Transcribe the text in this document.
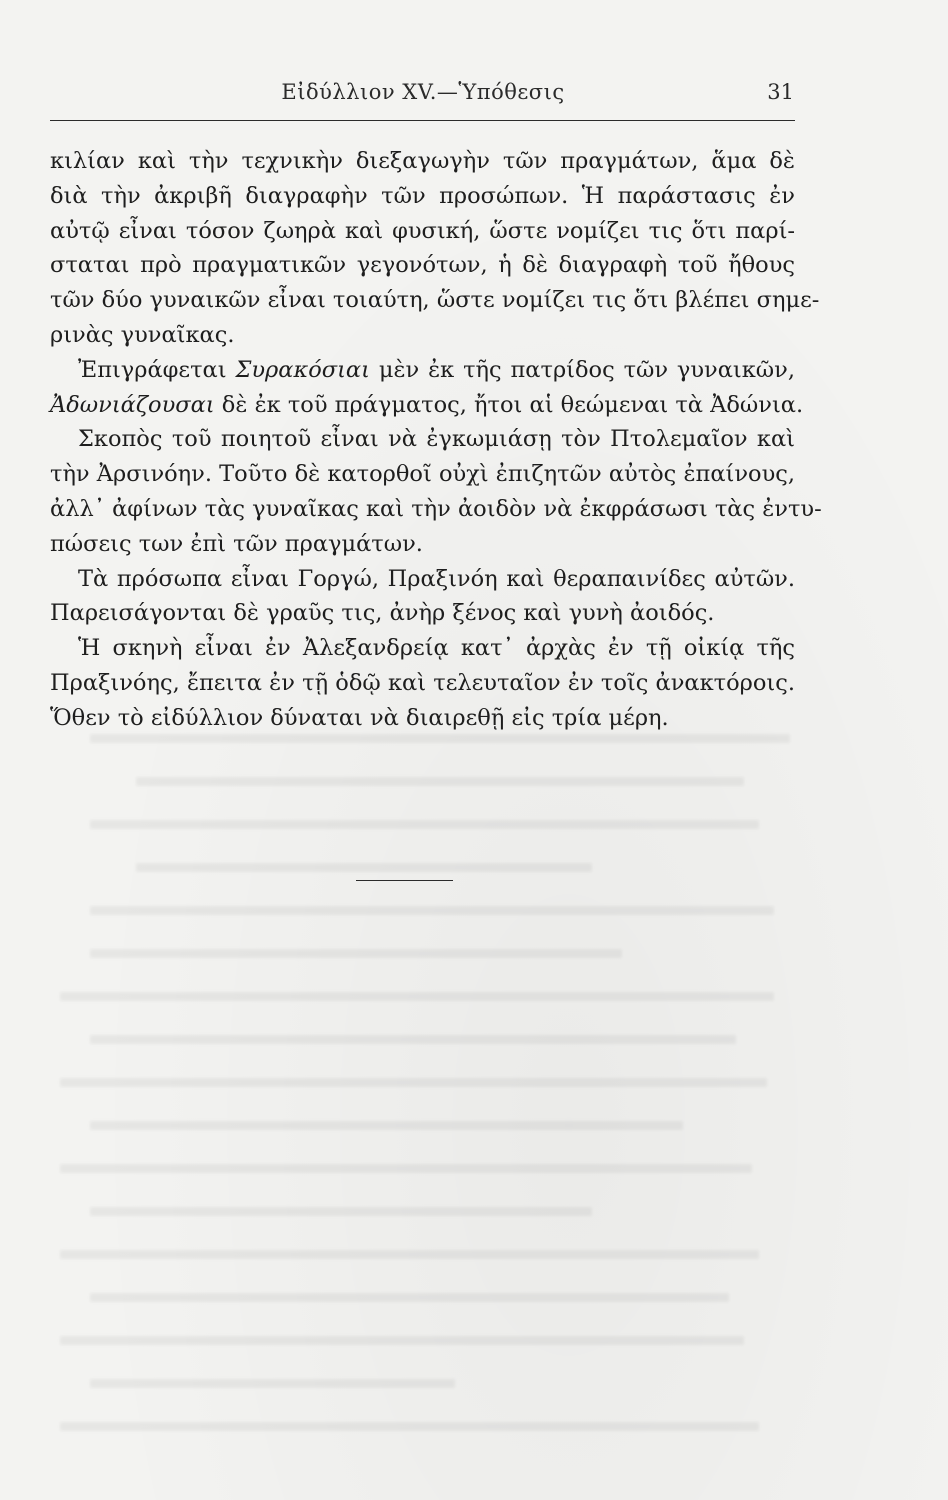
Εἰδύλλιον XV.—Ὑπόθεσις	31
κιλίαν καὶ τὴν τεχνικὴν διεξαγωγὴν τῶν πραγμάτων, ἅμα δὲ
διὰ τὴν ἀκριβῆ διαγραφὴν τῶν προσώπων. Ἡ παράστασις ἐν
αὐτῷ εἶναι τόσον ζωηρὰ καὶ φυσική, ὥστε νομίζει τις ὅτι παρί-
σταται πρὸ πραγματικῶν γεγονότων, ἡ δὲ διαγραφὴ τοῦ ἤθους
τῶν δύο γυναικῶν εἶναι τοιαύτη, ὥστε νομίζει τις ὅτι βλέπει σημε-
ρινὰς γυναῖκας.
Ἐπιγράφεται Συρακόσιαι μὲν ἐκ τῆς πατρίδος τῶν γυναικῶν,
Ἀδωνιάζουσαι δὲ ἐκ τοῦ πράγματος, ἤτοι αἱ θεώμεναι τὰ Ἀδώνια.
Σκοπὸς τοῦ ποιητοῦ εἶναι νὰ ἐγκωμιάσῃ τὸν Πτολεμαῖον καὶ
τὴν Ἀρσινόην. Τοῦτο δὲ κατορθοῖ οὐχὶ ἐπιζητῶν αὐτὸς ἐπαίνους,
ἀλλ᾽ ἀφίνων τὰς γυναῖκας καὶ τὴν ἀοιδὸν νὰ ἐκφράσωσι τὰς ἐντυ-
πώσεις των ἐπὶ τῶν πραγμάτων.
Τὰ πρόσωπα εἶναι Γοργώ, Πραξινόη καὶ θεραπαινίδες αὐτῶν.
Παρεισάγονται δὲ γραῦς τις, ἀνὴρ ξένος καὶ γυνὴ ἀοιδός.
Ἡ σκηνὴ εἶναι ἐν Ἀλεξανδρείᾳ κατ᾽ ἀρχὰς ἐν τῇ οἰκίᾳ τῆς
Πραξινόης, ἔπειτα ἐν τῇ ὁδῷ καὶ τελευταῖον ἐν τοῖς ἀνακτόροις.
Ὅθεν τὸ εἰδύλλιον δύναται νὰ διαιρεθῇ εἰς τρία μέρη.
